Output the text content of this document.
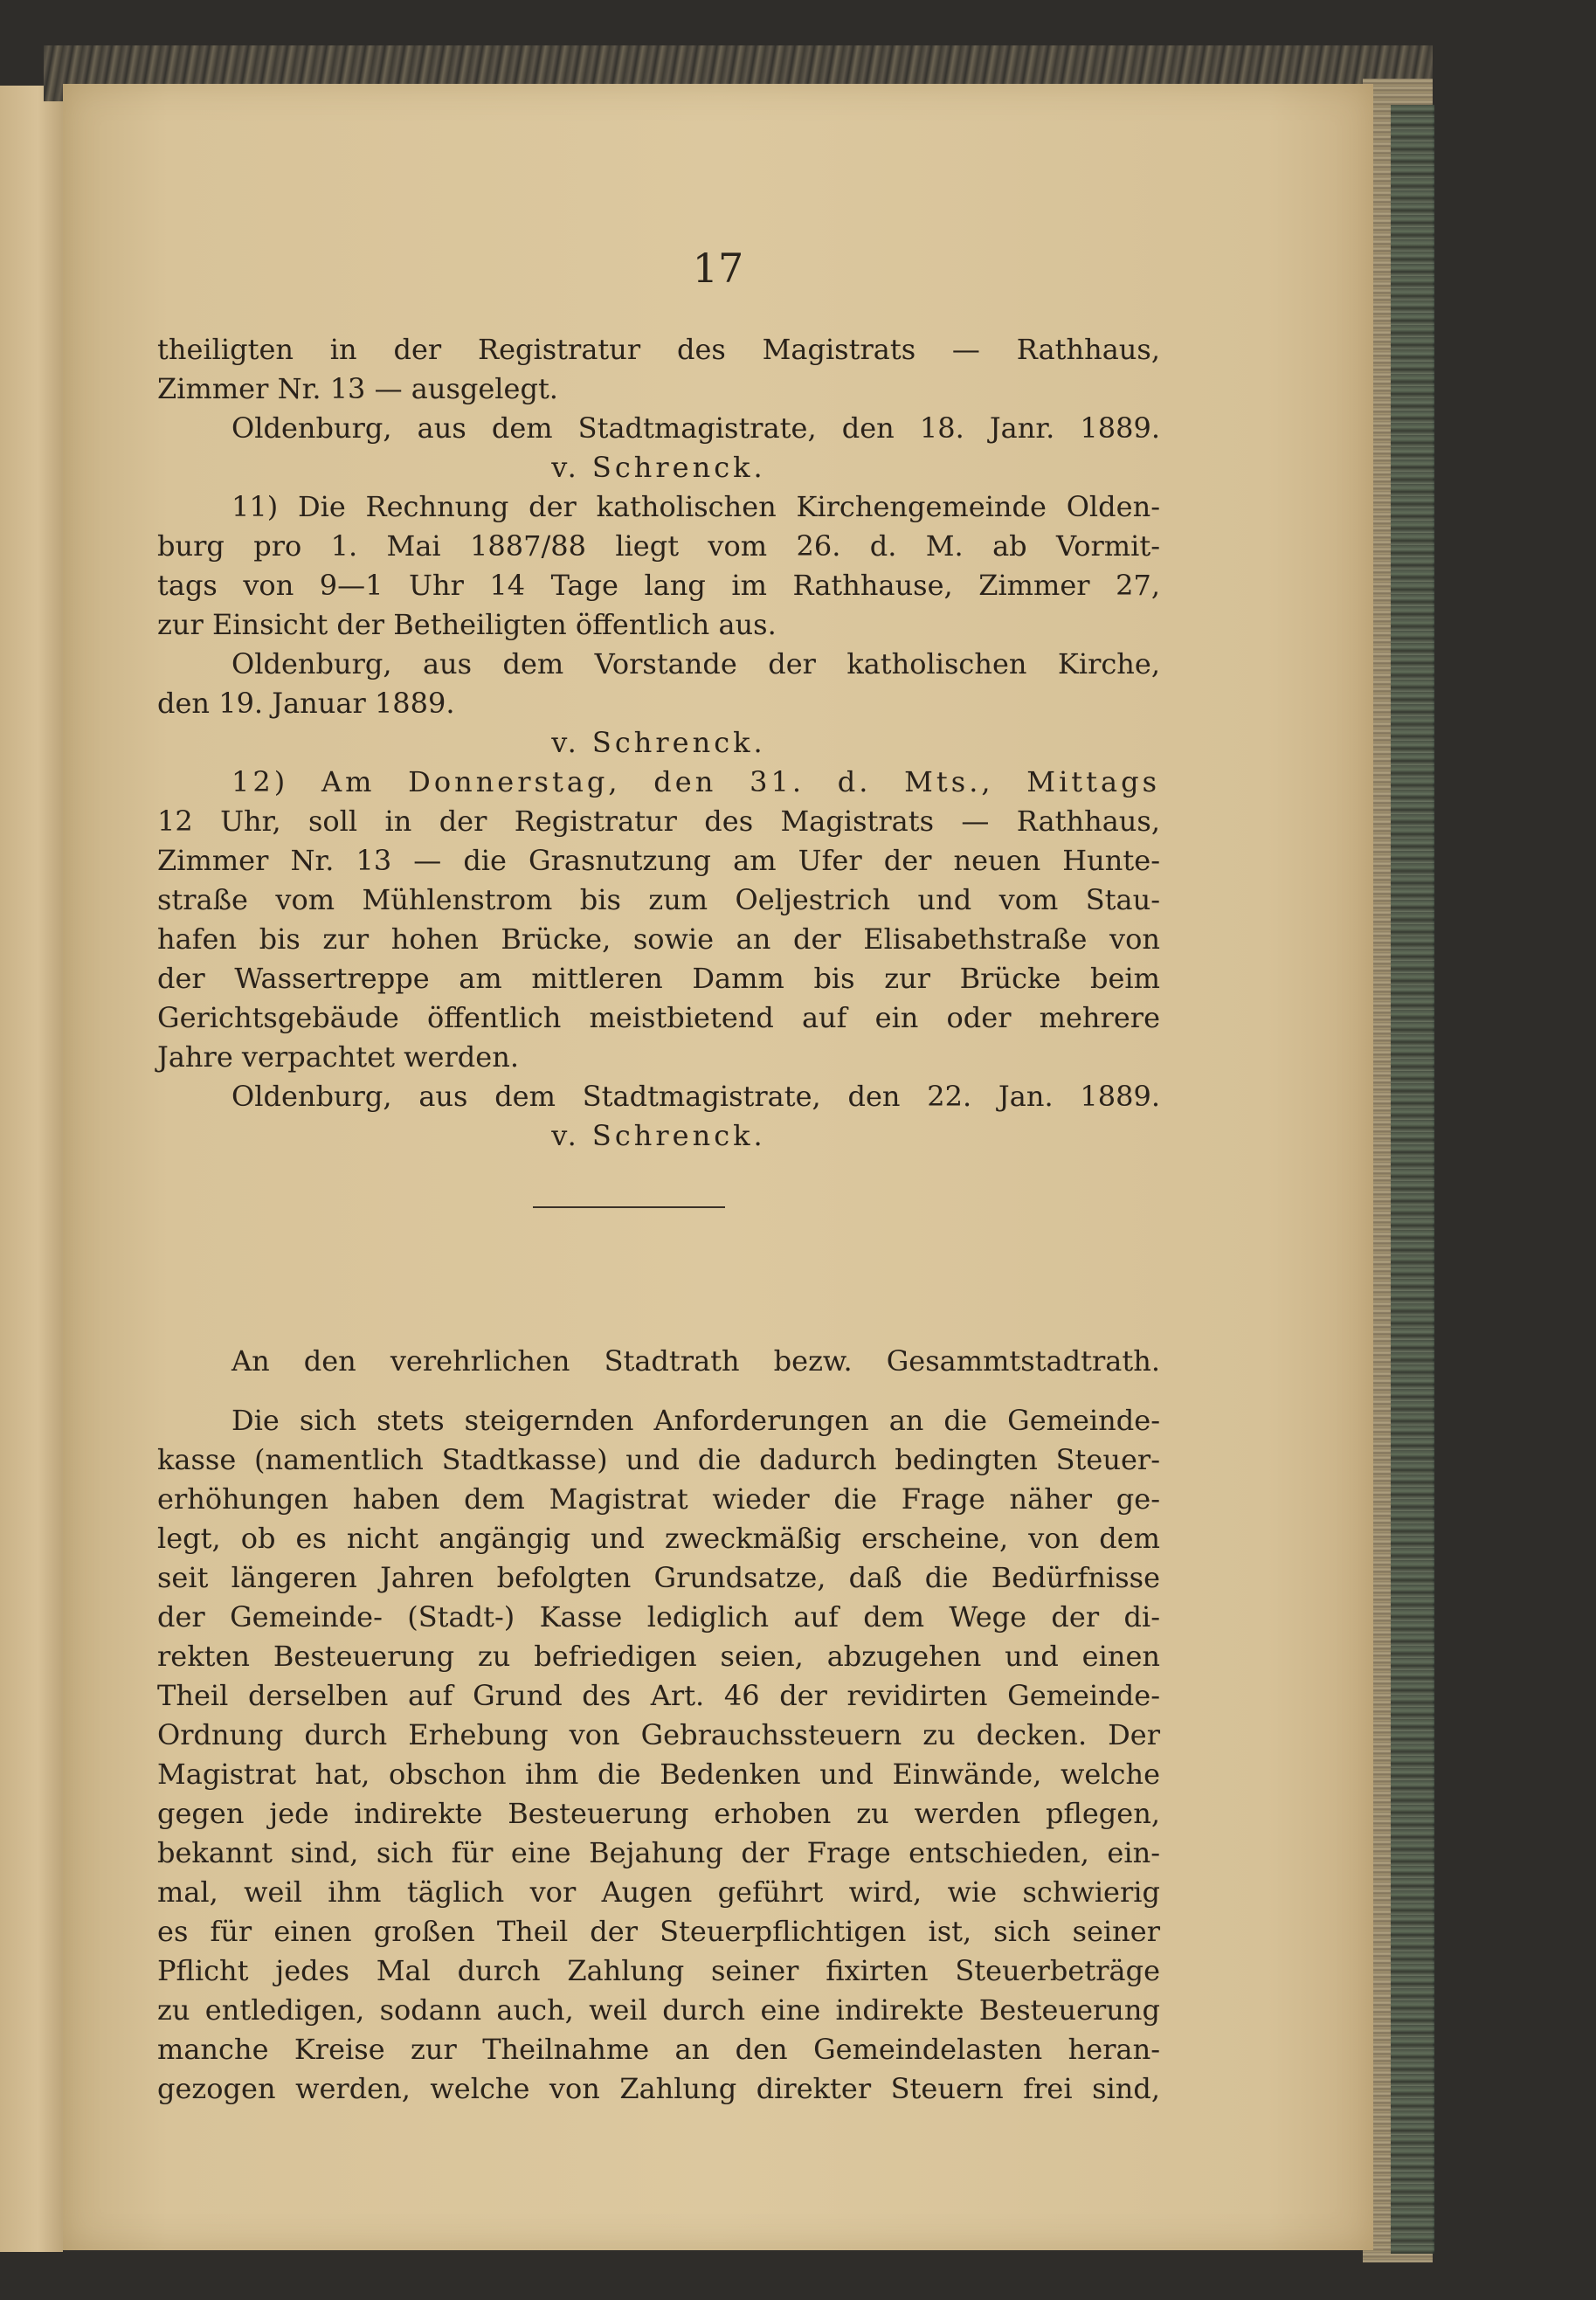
17
theiligten in der Registratur des Magistrats — Rathhaus,
Zimmer Nr. 13 — ausgelegt.
Oldenburg, aus dem Stadtmagistrate, den 18. Janr. 1889.
v. Schrenck.
11) Die Rechnung der katholischen Kirchengemeinde Olden-
burg pro 1. Mai 1887/88 liegt vom 26. d. M. ab Vormit-
tags von 9—1 Uhr 14 Tage lang im Rathhause, Zimmer 27,
zur Einsicht der Betheiligten öffentlich aus.
Oldenburg, aus dem Vorstande der katholischen Kirche,
den 19. Januar 1889.
v. Schrenck.
12) Am Donnerstag, den 31. d. Mts., Mittags
12 Uhr, soll in der Registratur des Magistrats — Rathhaus,
Zimmer Nr. 13 — die Grasnutzung am Ufer der neuen Hunte-
straße vom Mühlenstrom bis zum Oeljestrich und vom Stau-
hafen bis zur hohen Brücke, sowie an der Elisabethstraße von
der Wassertreppe am mittleren Damm bis zur Brücke beim
Gerichtsgebäude öffentlich meistbietend auf ein oder mehrere
Jahre verpachtet werden.
Oldenburg, aus dem Stadtmagistrate, den 22. Jan. 1889.
v. Schrenck.
An den verehrlichen Stadtrath bezw. Gesammtstadtrath.
Die sich stets steigernden Anforderungen an die Gemeinde-
kasse (namentlich Stadtkasse) und die dadurch bedingten Steuer-
erhöhungen haben dem Magistrat wieder die Frage näher ge-
legt, ob es nicht angängig und zweckmäßig erscheine, von dem
seit längeren Jahren befolgten Grundsatze, daß die Bedürfnisse
der Gemeinde- (Stadt-) Kasse lediglich auf dem Wege der di-
rekten Besteuerung zu befriedigen seien, abzugehen und einen
Theil derselben auf Grund des Art. 46 der revidirten Gemeinde-
Ordnung durch Erhebung von Gebrauchssteuern zu decken. Der
Magistrat hat, obschon ihm die Bedenken und Einwände, welche
gegen jede indirekte Besteuerung erhoben zu werden pflegen,
bekannt sind, sich für eine Bejahung der Frage entschieden, ein-
mal, weil ihm täglich vor Augen geführt wird, wie schwierig
es für einen großen Theil der Steuerpflichtigen ist, sich seiner
Pflicht jedes Mal durch Zahlung seiner fixirten Steuerbeträge
zu entledigen, sodann auch, weil durch eine indirekte Besteuerung
manche Kreise zur Theilnahme an den Gemeindelasten heran-
gezogen werden, welche von Zahlung direkter Steuern frei sind,
